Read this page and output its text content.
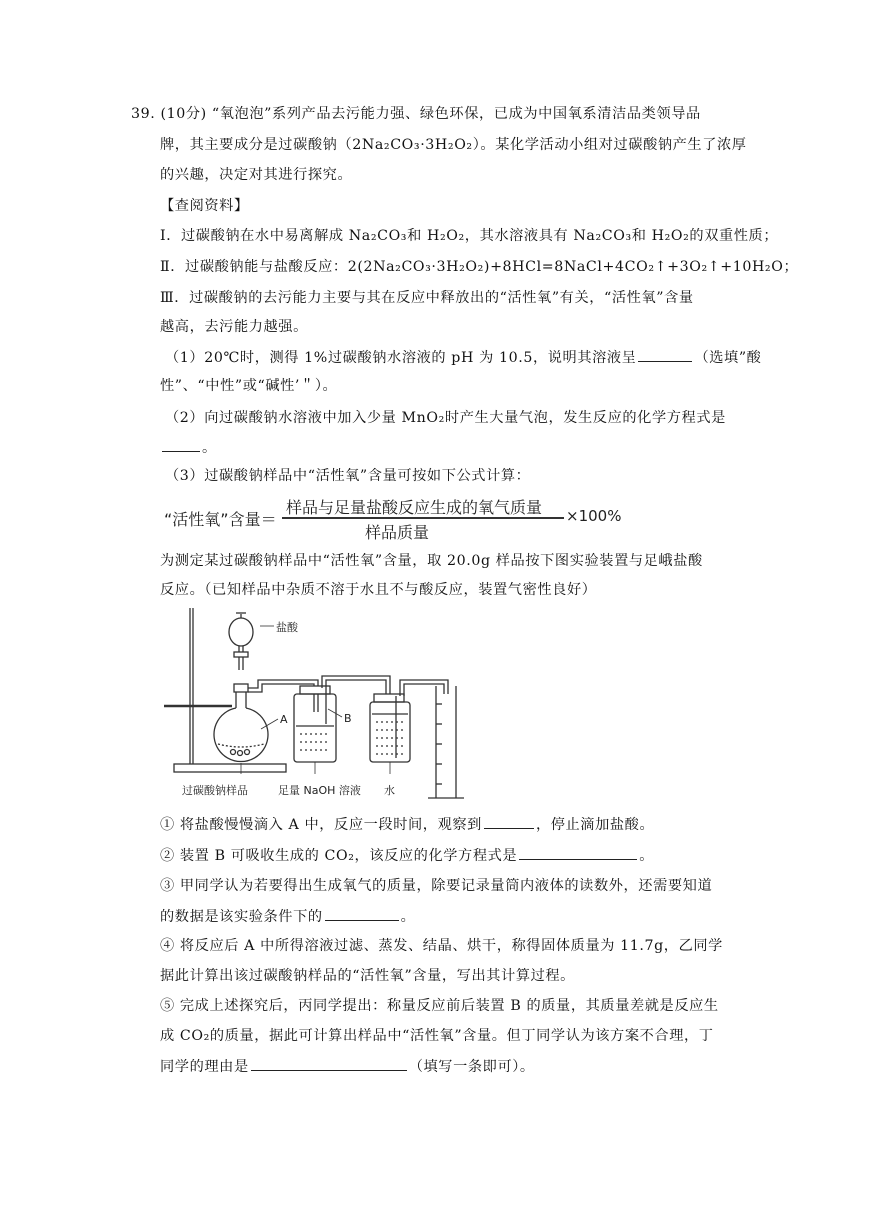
39. (10分) “氧泡泡”系列产品去污能力强、绿色环保，已成为中国氧系清洁品类领导品
牌，其主要成分是过碳酸钠（2Na₂CO₃·3H₂O₂）。某化学活动小组对过碳酸钠产生了浓厚
的兴趣，决定对其进行探究。
【查阅资料】
Ⅰ．过碳酸钠在水中易离解成 Na₂CO₃和 H₂O₂，其水溶液具有 Na₂CO₃和 H₂O₂的双重性质；
Ⅱ．过碳酸钠能与盐酸反应：2(2Na₂CO₃·3H₂O₂)+8HCl=8NaCl+4CO₂↑+3O₂↑+10H₂O；
Ⅲ．过碳酸钠的去污能力主要与其在反应中释放出的“活性氧”有关，“活性氧”含量
越高，去污能力越强。
（1）20℃时，测得 1%过碳酸钠水溶液的 pH 为 10.5，说明其溶液呈	（选填”酸
性”、“中性”或“碱性’＂）。
（2）向过碳酸钠水溶液中加入少量 MnO₂时产生大量气泡，发生反应的化学方程式是
。
（3）过碳酸钠样品中“活性氧”含量可按如下公式计算：
“活性氧”含量＝
样品与足量盐酸反应生成的氧气质量
样品质量
×100%
为测定某过碳酸钠样品中“活性氧”含量，取 20.0g 样品按下图实验装置与足峨盐酸
反应。（已知样品中杂质不溶于水且不与酸反应，装置气密性良好）
盐酸
A	B
过碳酸钠样品	足量 NaOH 溶液 水
① 将盐酸慢慢滴入 A 中，反应一段时间，观察到	，停止滴加盐酸。
② 装置 B 可吸收生成的 CO₂，该反应的化学方程式是	。
③ 甲同学认为若要得出生成氧气的质量，除要记录量筒内液体的读数外，还需要知道
的数据是该实验条件下的	。
④ 将反应后 A 中所得溶液过滤、蒸发、结晶、烘干，称得固体质量为 11.7g，乙同学
据此计算出该过碳酸钠样品的“活性氧”含量，写出其计算过程。
⑤ 完成上述探究后，丙同学提出：称量反应前后装置 B 的质量，其质量差就是反应生
成 CO₂的质量，据此可计算出样品中“活性氧”含量。但丁同学认为该方案不合理，丁
同学的理由是	（填写一条即可）。
